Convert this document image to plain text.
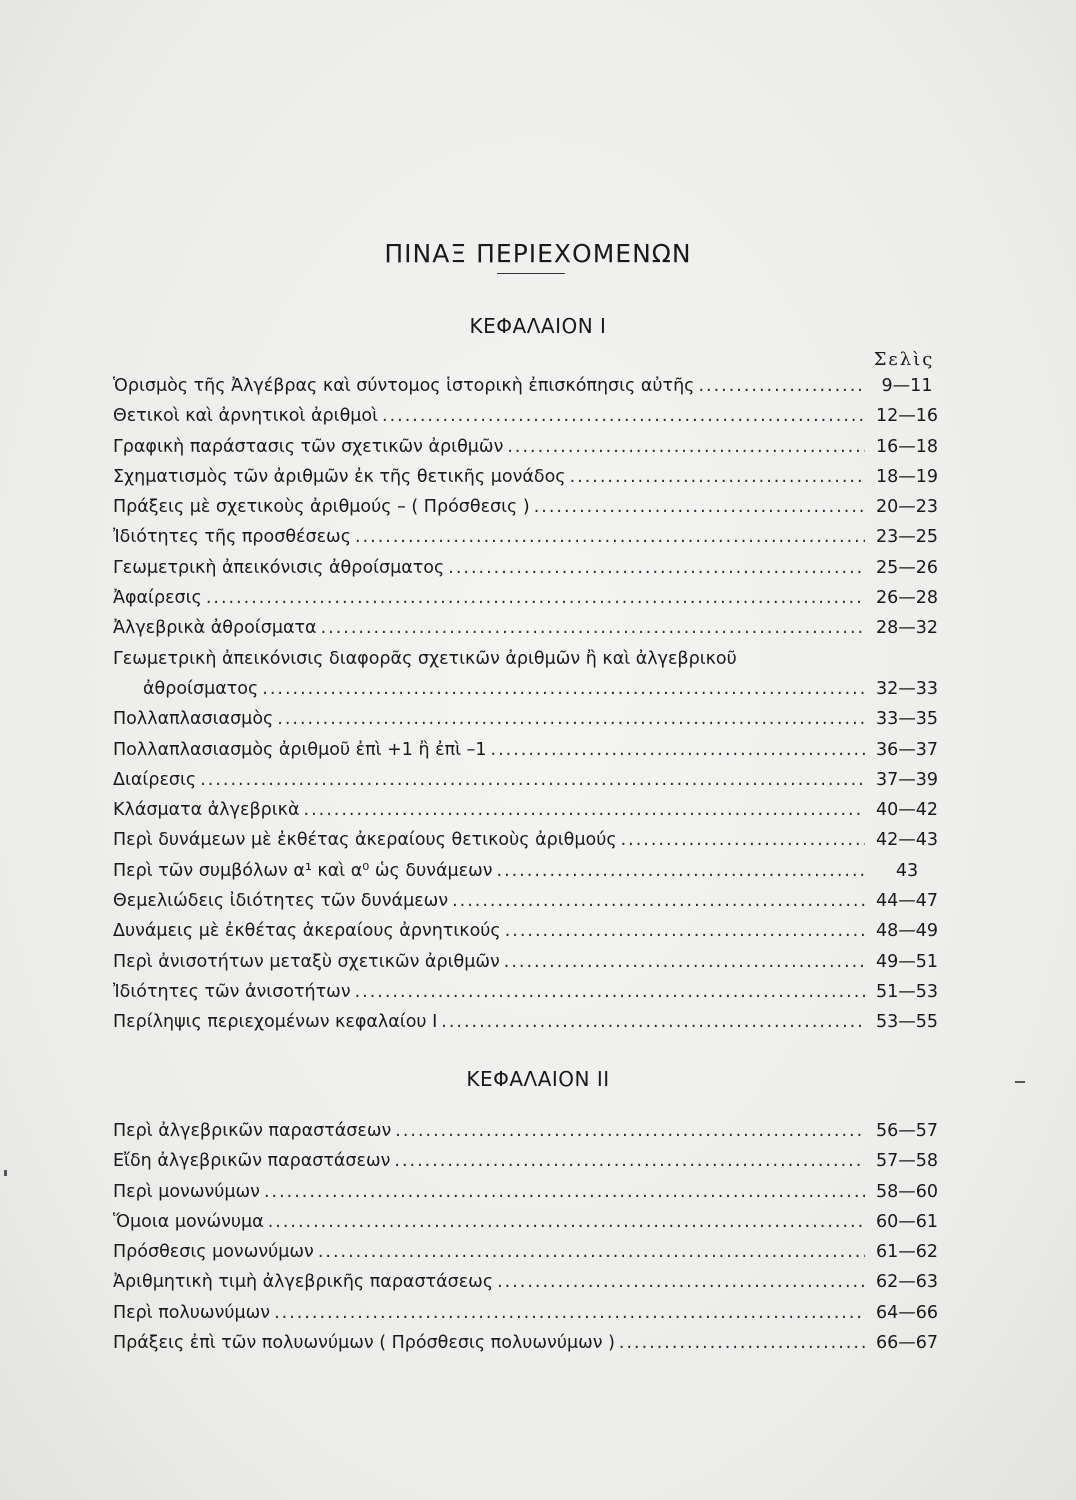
ΠΙΝΑΞ ΠΕΡΙΕΧΟΜΕΝΩΝ
ΚΕΦΑΛΑΙΟΝ I
Σελὶς
Ὁρισμὸς τῆς Ἀλγέβρας καὶ σύντομος ἱστορικὴ ἐπισκόπησις αὐτῆς .....	9—11
Θετικοὶ καὶ ἀρνητικοὶ ἀριθμοὶ .....	12—16
Γραφικὴ παράστασις τῶν σχετικῶν ἀριθμῶν .....	16—18
Σχηματισμὸς τῶν ἀριθμῶν ἐκ τῆς θετικῆς μονάδος .....	18—19
Πράξεις μὲ σχετικοὺς ἀριθμούς – ( Πρόσθεσις ) .....	20—23
Ἰδιότητες τῆς προσθέσεως .....	23—25
Γεωμετρικὴ ἀπεικόνισις ἀθροίσματος .....	25—26
Ἀφαίρεσις .....	26—28
Ἀλγεβρικὰ ἀθροίσματα .....	28—32
Γεωμετρικὴ ἀπεικόνισις διαφορᾶς σχετικῶν ἀριθμῶν ἢ καὶ ἀλγεβρικοῦ
ἀθροίσματος .....	32—33
Πολλαπλασιασμὸς .....	33—35
Πολλαπλασιασμὸς ἀριθμοῦ ἐπὶ +1 ἢ ἐπὶ –1 .....	36—37
Διαίρεσις .....	37—39
Κλάσματα ἀλγεβρικὰ .....	40—42
Περὶ δυνάμεων μὲ ἐκθέτας ἀκεραίους θετικοὺς ἀριθμούς .....	42—43
Περὶ τῶν συμβόλων α¹ καὶ α⁰ ὡς δυνάμεων .....	43
Θεμελιώδεις ἰδιότητες τῶν δυνάμεων .....	44—47
Δυνάμεις μὲ ἐκθέτας ἀκεραίους ἀρνητικούς .....	48—49
Περὶ ἀνισοτήτων μεταξὺ σχετικῶν ἀριθμῶν .....	49—51
Ἰδιότητες τῶν ἀνισοτήτων .....	51—53
Περίληψις περιεχομένων κεφαλαίου I .....	53—55
ΚΕΦΑΛΑΙΟΝ II
Περὶ ἀλγεβρικῶν παραστάσεων .....	56—57
Εἴδη ἀλγεβρικῶν παραστάσεων .....	57—58
Περὶ μονωνύμων .....	58—60
Ὅμοια μονώνυμα .....	60—61
Πρόσθεσις μονωνύμων .....	61—62
Ἀριθμητικὴ τιμὴ ἀλγεβρικῆς παραστάσεως .....	62—63
Περὶ πολυωνύμων .....	64—66
Πράξεις ἐπὶ τῶν πολυωνύμων ( Πρόσθεσις πολυωνύμων ) .....	66—67
